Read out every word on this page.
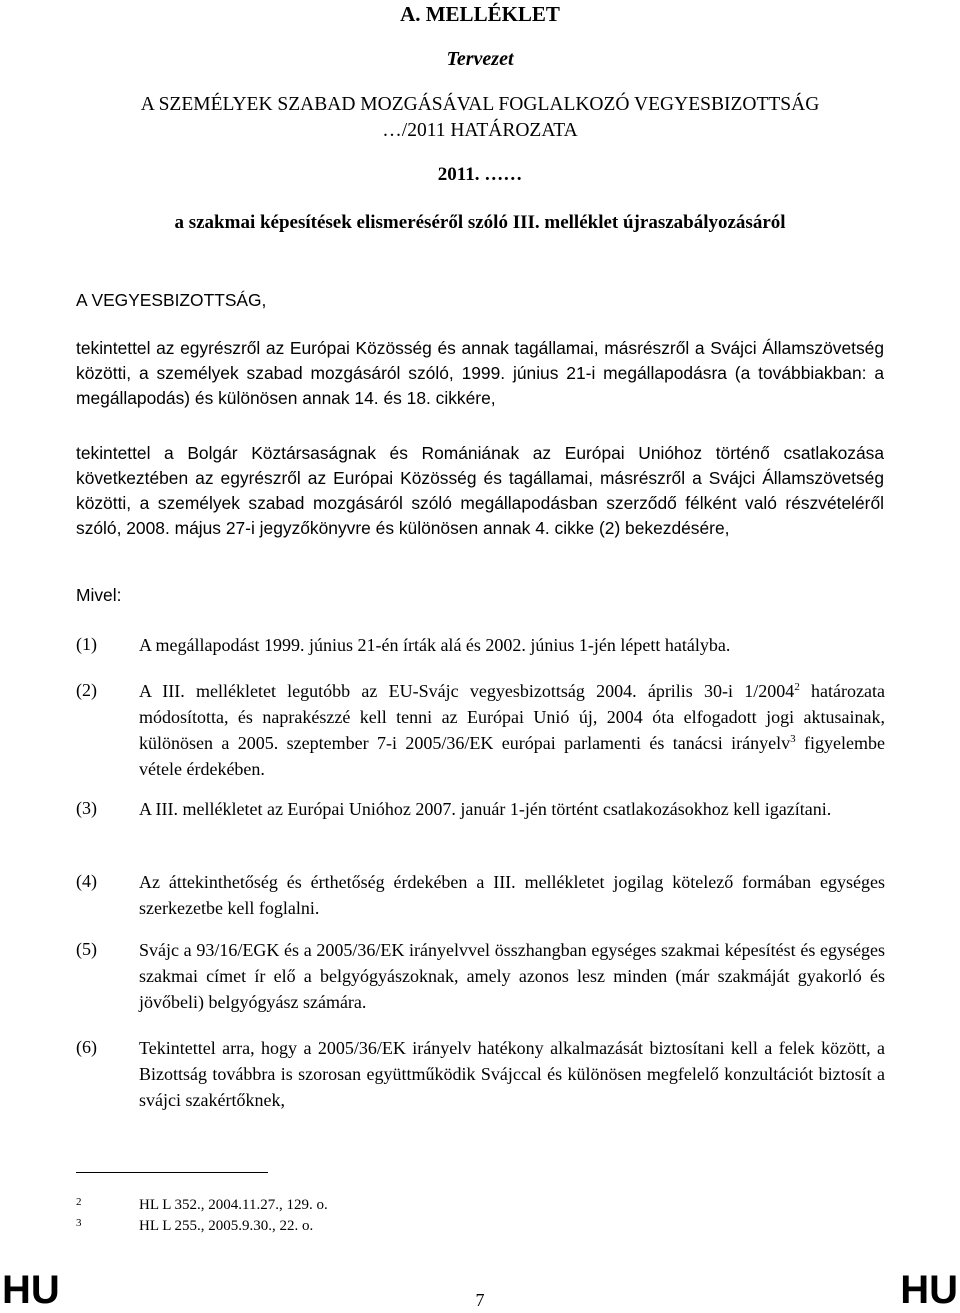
A. MELLÉKLET
Tervezet
A SZEMÉLYEK SZABAD MOZGÁSÁVAL FOGLALKOZÓ VEGYESBIZOTTSÁG
…/2011 HATÁROZATA
2011. ……
a szakmai képesítések elismeréséről szóló III. melléklet újraszabályozásáról
A VEGYESBIZOTTSÁG,
tekintettel az egyrészről az Európai Közösség és annak tagállamai, másrészről a Svájci Államszövetség közötti, a személyek szabad mozgásáról szóló, 1999. június 21-i megállapodásra (a továbbiakban: a megállapodás) és különösen annak 14. és 18. cikkére,
tekintettel a Bolgár Köztársaságnak és Romániának az Európai Unióhoz történő csatlakozása következtében az egyrészről az Európai Közösség és tagállamai, másrészről a Svájci Államszövetség közötti, a személyek szabad mozgásáról szóló megállapodásban szerződő félként való részvételéről szóló, 2008. május 27-i jegyzőkönyvre és különösen annak 4. cikke (2) bekezdésére,
Mivel:
(1) A megállapodást 1999. június 21-én írták alá és 2002. június 1-jén lépett hatályba.
(2) A III. mellékletet legutóbb az EU-Svájc vegyesbizottság 2004. április 30-i 1/2004$^2$ határozata módosította, és naprakészzé kell tenni az Európai Unió új, 2004 óta elfogadott jogi aktusainak, különösen a 2005. szeptember 7-i 2005/36/EK európai parlamenti és tanácsi irányelv$^3$ figyelembe vétele érdekében.
(3) A III. mellékletet az Európai Unióhoz 2007. január 1-jén történt csatlakozásokhoz kell igazítani.
(4) Az áttekinthetőség és érthetőség érdekében a III. mellékletet jogilag kötelező formában egységes szerkezetbe kell foglalni.
(5) Svájc a 93/16/EGK és a 2005/36/EK irányelvvel összhangban egységes szakmai képesítést és egységes szakmai címet ír elő a belgyógyászoknak, amely azonos lesz minden (már szakmáját gyakorló és jövőbeli) belgyógyász számára.
(6) Tekintettel arra, hogy a 2005/36/EK irányelv hatékony alkalmazását biztosítani kell a felek között, a Bizottság továbbra is szorosan együttműködik Svájccal és különösen megfelelő konzultációt biztosít a svájci szakértőknek,
2	HL L 352., 2004.11.27., 129. o.
3	HL L 255., 2005.9.30., 22. o.
HU	7	HU
